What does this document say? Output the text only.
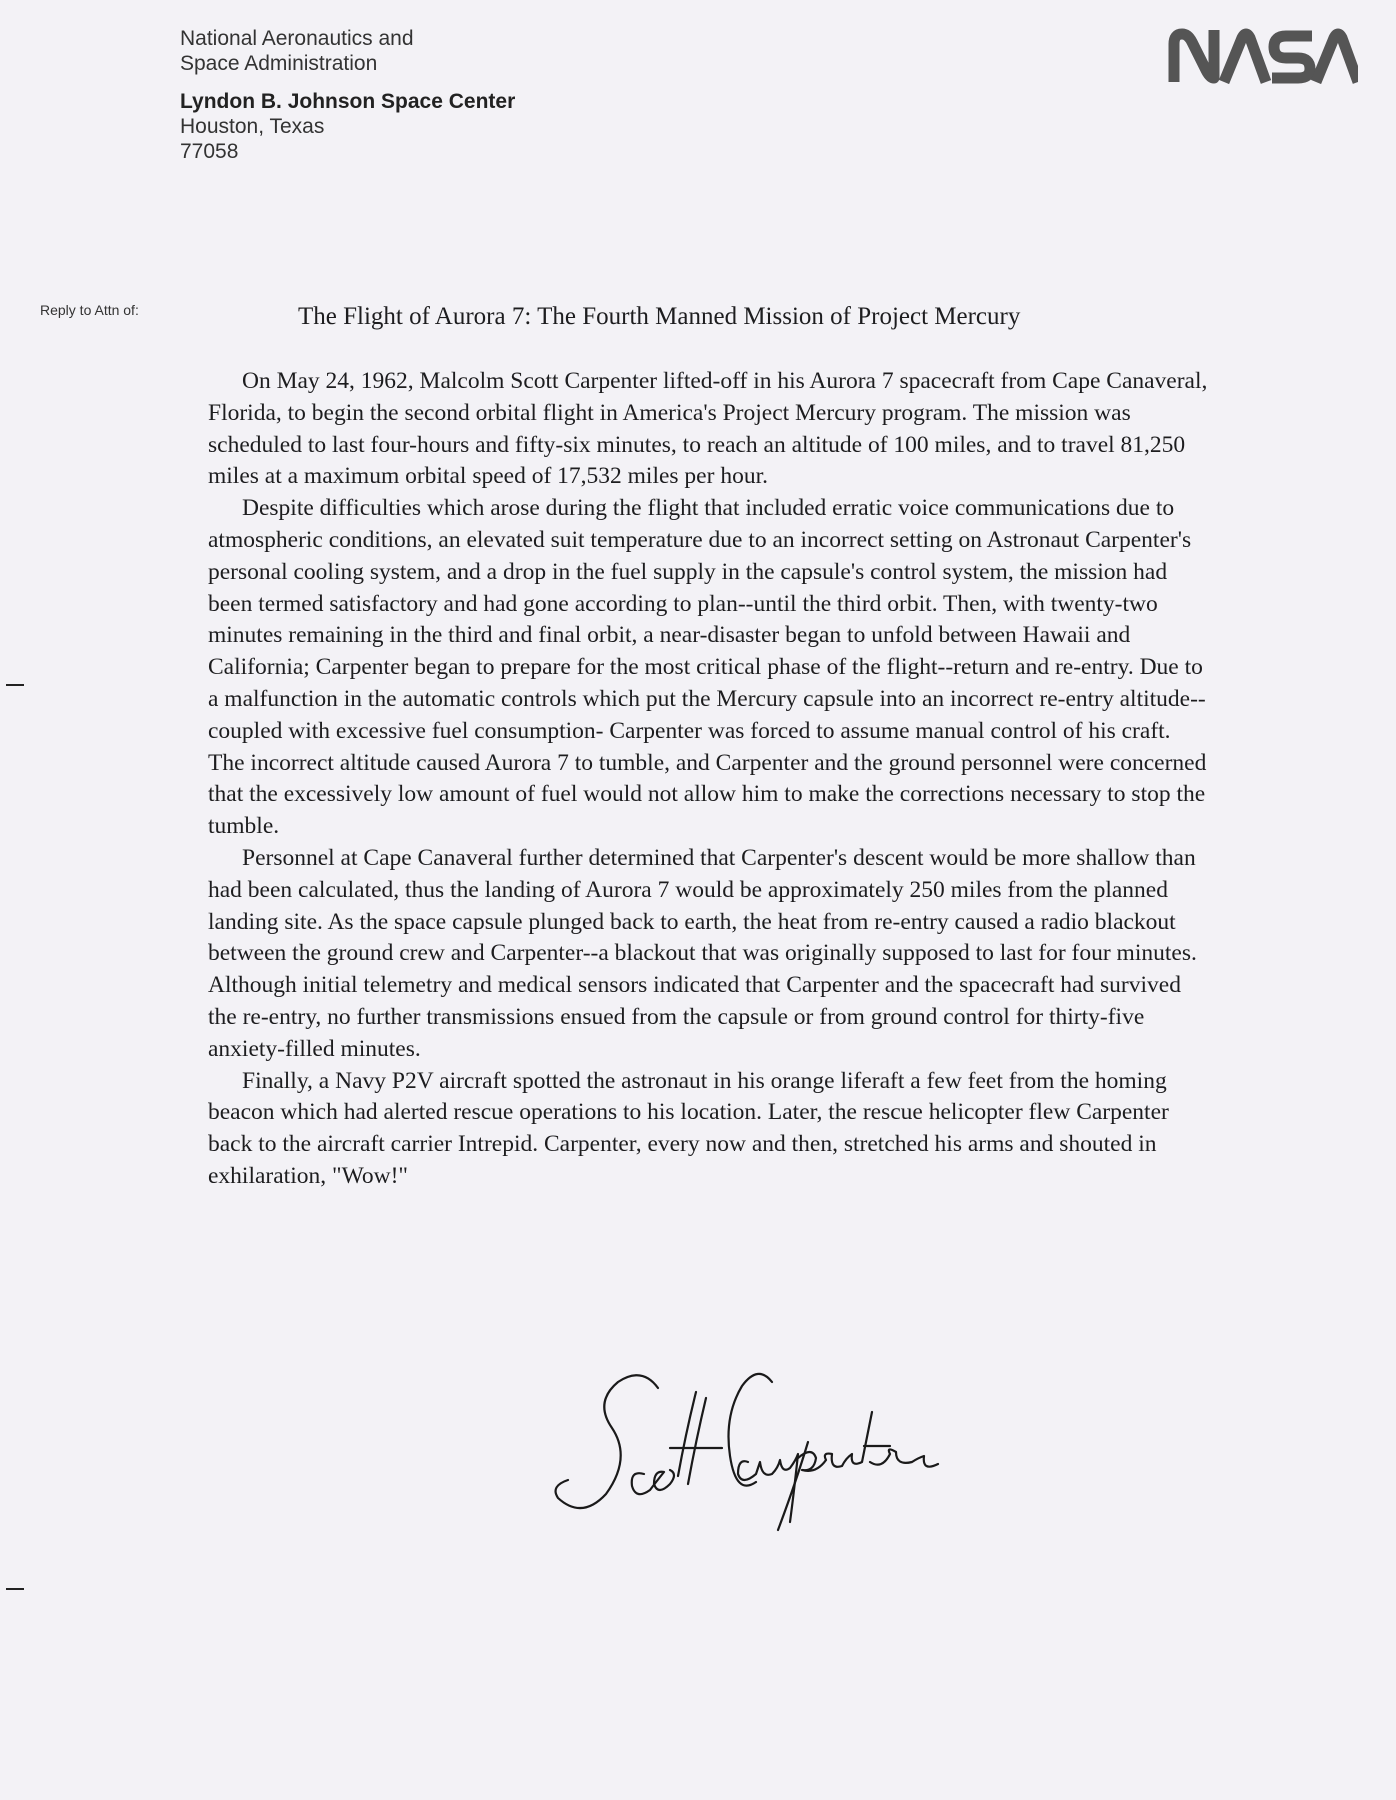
National Aeronautics and
Space Administration
Lyndon B. Johnson Space Center
Houston, Texas
77058
Reply to Attn of:	The Flight of Aurora 7: The Fourth Manned Mission of Project Mercury

On May 24, 1962, Malcolm Scott Carpenter lifted-off in his Aurora 7 spacecraft from Cape Canaveral, Florida, to begin the second orbital flight in America's Project Mercury program. The mission was scheduled to last four-hours and fifty-six minutes, to reach an altitude of 100 miles, and to travel 81,250 miles at a maximum orbital speed of 17,532 miles per hour.

Despite difficulties which arose during the flight that included erratic voice communications due to atmospheric conditions, an elevated suit temperature due to an incorrect setting on Astronaut Carpenter's personal cooling system, and a drop in the fuel supply in the capsule's control system, the mission had been termed satisfactory and had gone according to plan--until the third orbit. Then, with twenty-two minutes remaining in the third and final orbit, a near-disaster began to unfold between Hawaii and California; Carpenter began to prepare for the most critical phase of the flight--return and re-entry. Due to a malfunction in the automatic controls which put the Mercury capsule into an incorrect re-entry altitude--coupled with excessive fuel consumption- Carpenter was forced to assume manual control of his craft. The incorrect altitude caused Aurora 7 to tumble, and Carpenter and the ground personnel were concerned that the excessively low amount of fuel would not allow him to make the corrections necessary to stop the tumble.

Personnel at Cape Canaveral further determined that Carpenter's descent would be more shallow than had been calculated, thus the landing of Aurora 7 would be approximately 250 miles from the planned landing site. As the space capsule plunged back to earth, the heat from re-entry caused a radio blackout between the ground crew and Carpenter--a blackout that was originally supposed to last for four minutes. Although initial telemetry and medical sensors indicated that Carpenter and the spacecraft had survived the re-entry, no further transmissions ensued from the capsule or from ground control for thirty-five anxiety-filled minutes.

Finally, a Navy P2V aircraft spotted the astronaut in his orange liferaft a few feet from the homing beacon which had alerted rescue operations to his location. Later, the rescue helicopter flew Carpenter back to the aircraft carrier Intrepid. Carpenter, every now and then, stretched his arms and shouted in exhilaration, "Wow!"
